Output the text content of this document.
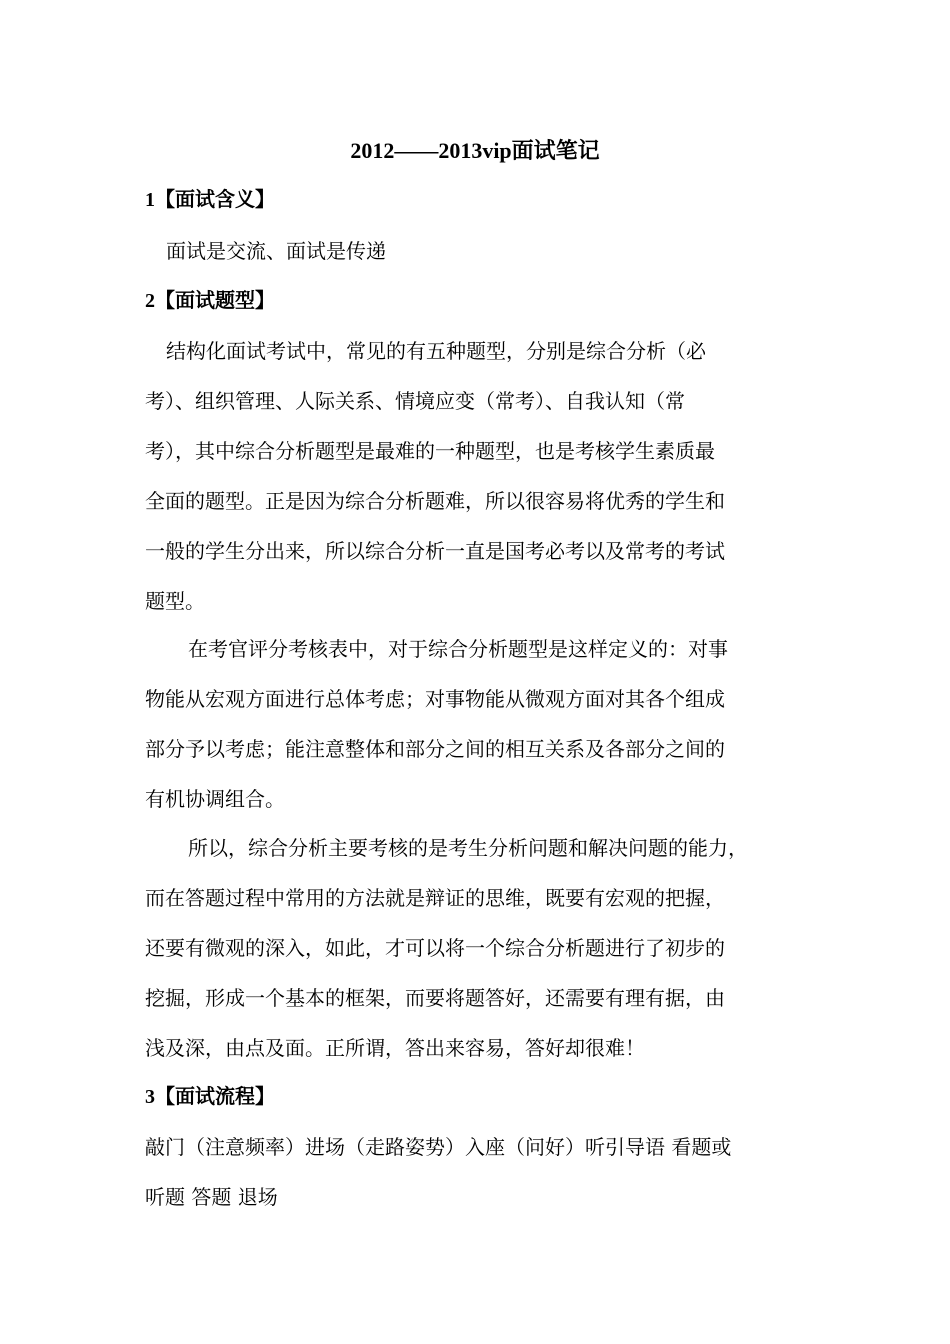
2012——2013vip面试笔记
1【面试含义】
面试是交流、面试是传递
2【面试题型】
结构化面试考试中，常见的有五种题型，分别是综合分析（必
考）、组织管理、人际关系、情境应变（常考）、自我认知（常
考），其中综合分析题型是最难的一种题型，也是考核学生素质最
全面的题型。正是因为综合分析题难，所以很容易将优秀的学生和
一般的学生分出来，所以综合分析一直是国考必考以及常考的考试
题型。
在考官评分考核表中，对于综合分析题型是这样定义的：对事
物能从宏观方面进行总体考虑；对事物能从微观方面对其各个组成
部分予以考虑；能注意整体和部分之间的相互关系及各部分之间的
有机协调组合。
所以，综合分析主要考核的是考生分析问题和解决问题的能力，
而在答题过程中常用的方法就是辩证的思维，既要有宏观的把握，
还要有微观的深入，如此，才可以将一个综合分析题进行了初步的
挖掘，形成一个基本的框架，而要将题答好，还需要有理有据，由
浅及深，由点及面。正所谓，答出来容易，答好却很难！
3【面试流程】
敲门（注意频率）进场（走路姿势）入座（问好）听引导语 看题或
听题 答题 退场
